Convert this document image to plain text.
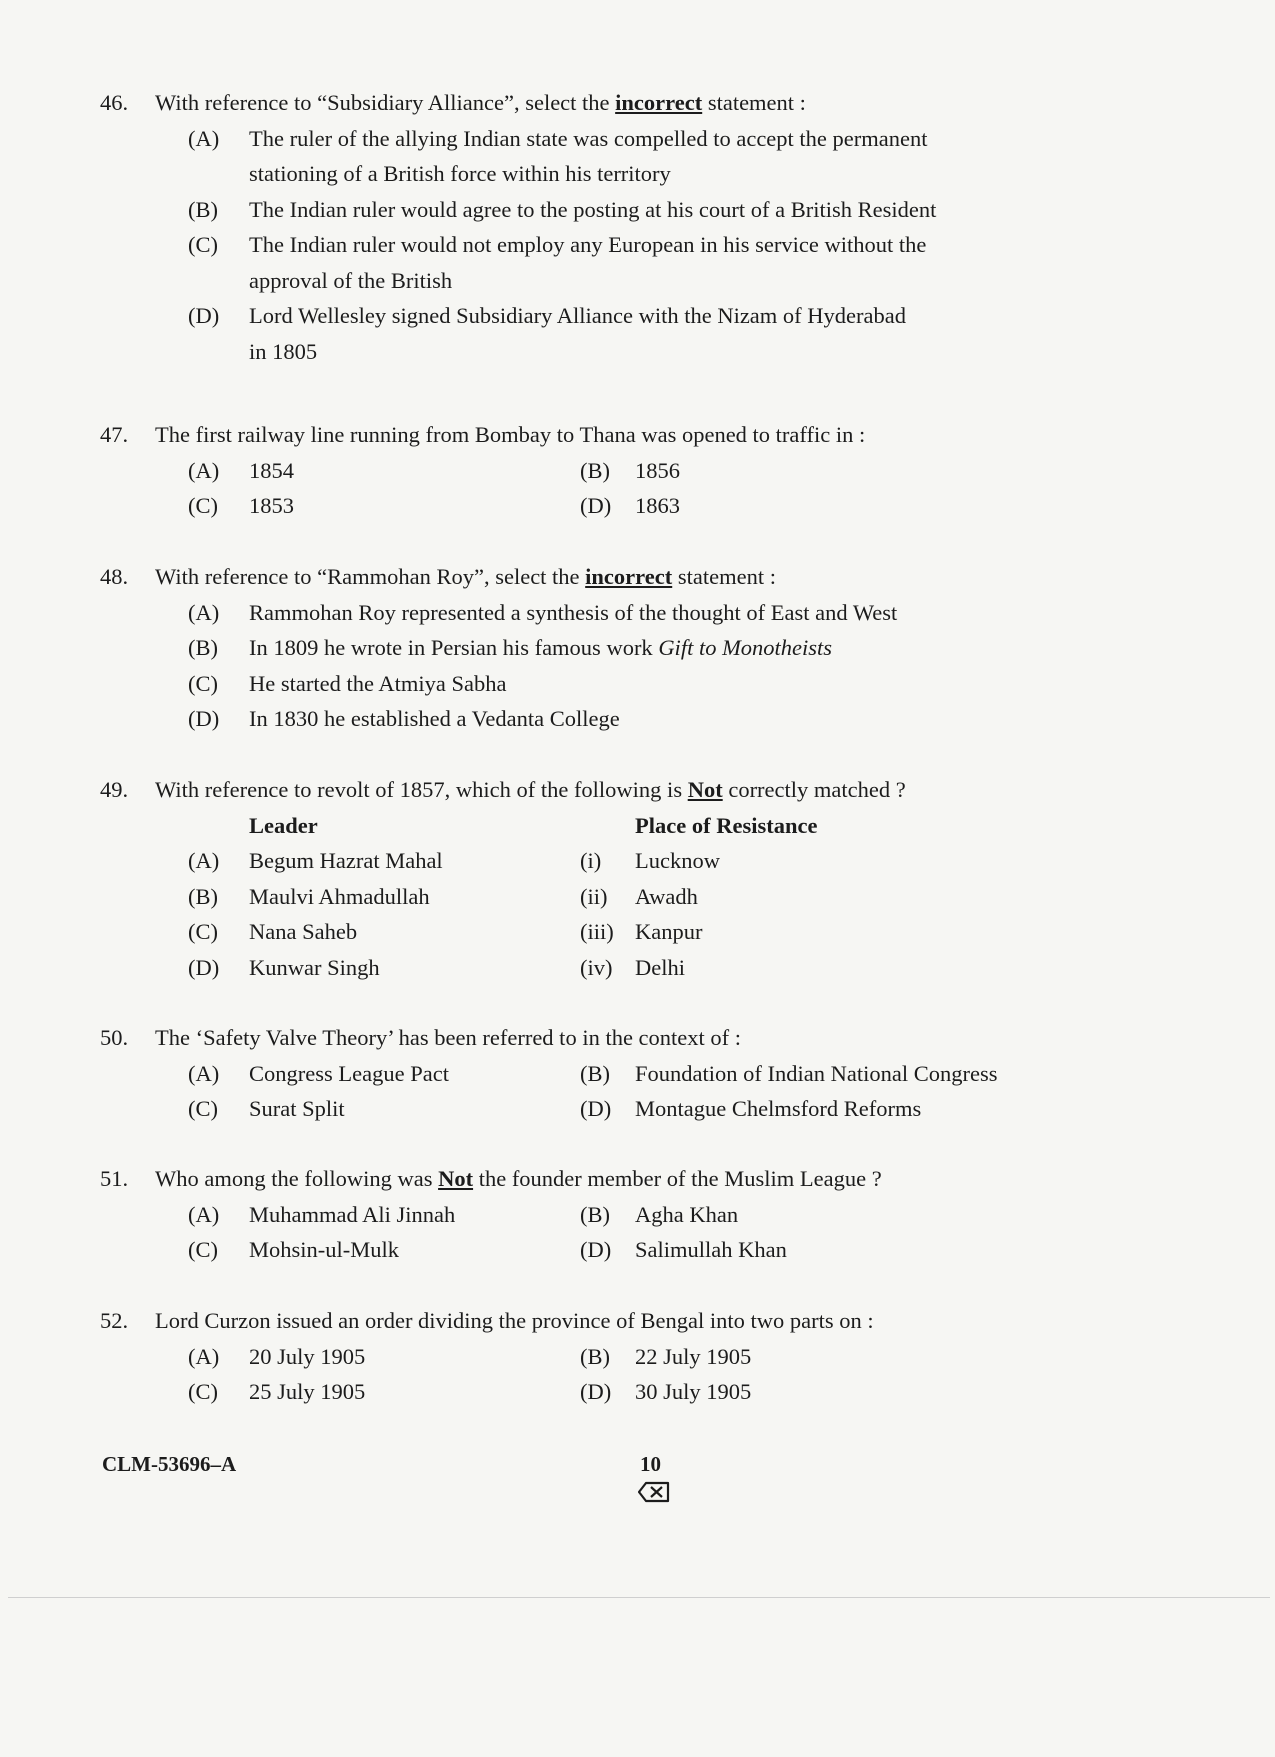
46. With reference to “Subsidiary Alliance”, select the incorrect statement :
(A) The ruler of the allying Indian state was compelled to accept the permanent
stationing of a British force within his territory
(B) The Indian ruler would agree to the posting at his court of a British Resident
(C) The Indian ruler would not employ any European in his service without the
approval of the British
(D) Lord Wellesley signed Subsidiary Alliance with the Nizam of Hyderabad
in 1805
47. The first railway line running from Bombay to Thana was opened to traffic in :
(A) 1854	(B) 1856
(C) 1853	(D) 1863
48. With reference to “Rammohan Roy”, select the incorrect statement :
(A) Rammohan Roy represented a synthesis of the thought of East and West
(B) In 1809 he wrote in Persian his famous work Gift to Monotheists
(C) He started the Atmiya Sabha
(D) In 1830 he established a Vedanta College
49. With reference to revolt of 1857, which of the following is Not correctly matched ?
Leader	Place of Resistance
(A) Begum Hazrat Mahal	(i) Lucknow
(B) Maulvi Ahmadullah	(ii) Awadh
(C) Nana Saheb	(iii) Kanpur
(D) Kunwar Singh	(iv) Delhi
50. The ‘Safety Valve Theory’ has been referred to in the context of :
(A) Congress League Pact	(B) Foundation of Indian National Congress
(C) Surat Split	(D) Montague Chelmsford Reforms
51. Who among the following was Not the founder member of the Muslim League ?
(A) Muhammad Ali Jinnah	(B) Agha Khan
(C) Mohsin-ul-Mulk	(D) Salimullah Khan
52. Lord Curzon issued an order dividing the province of Bengal into two parts on :
(A) 20 July 1905	(B) 22 July 1905
(C) 25 July 1905	(D) 30 July 1905
CLM-53696–A	10
